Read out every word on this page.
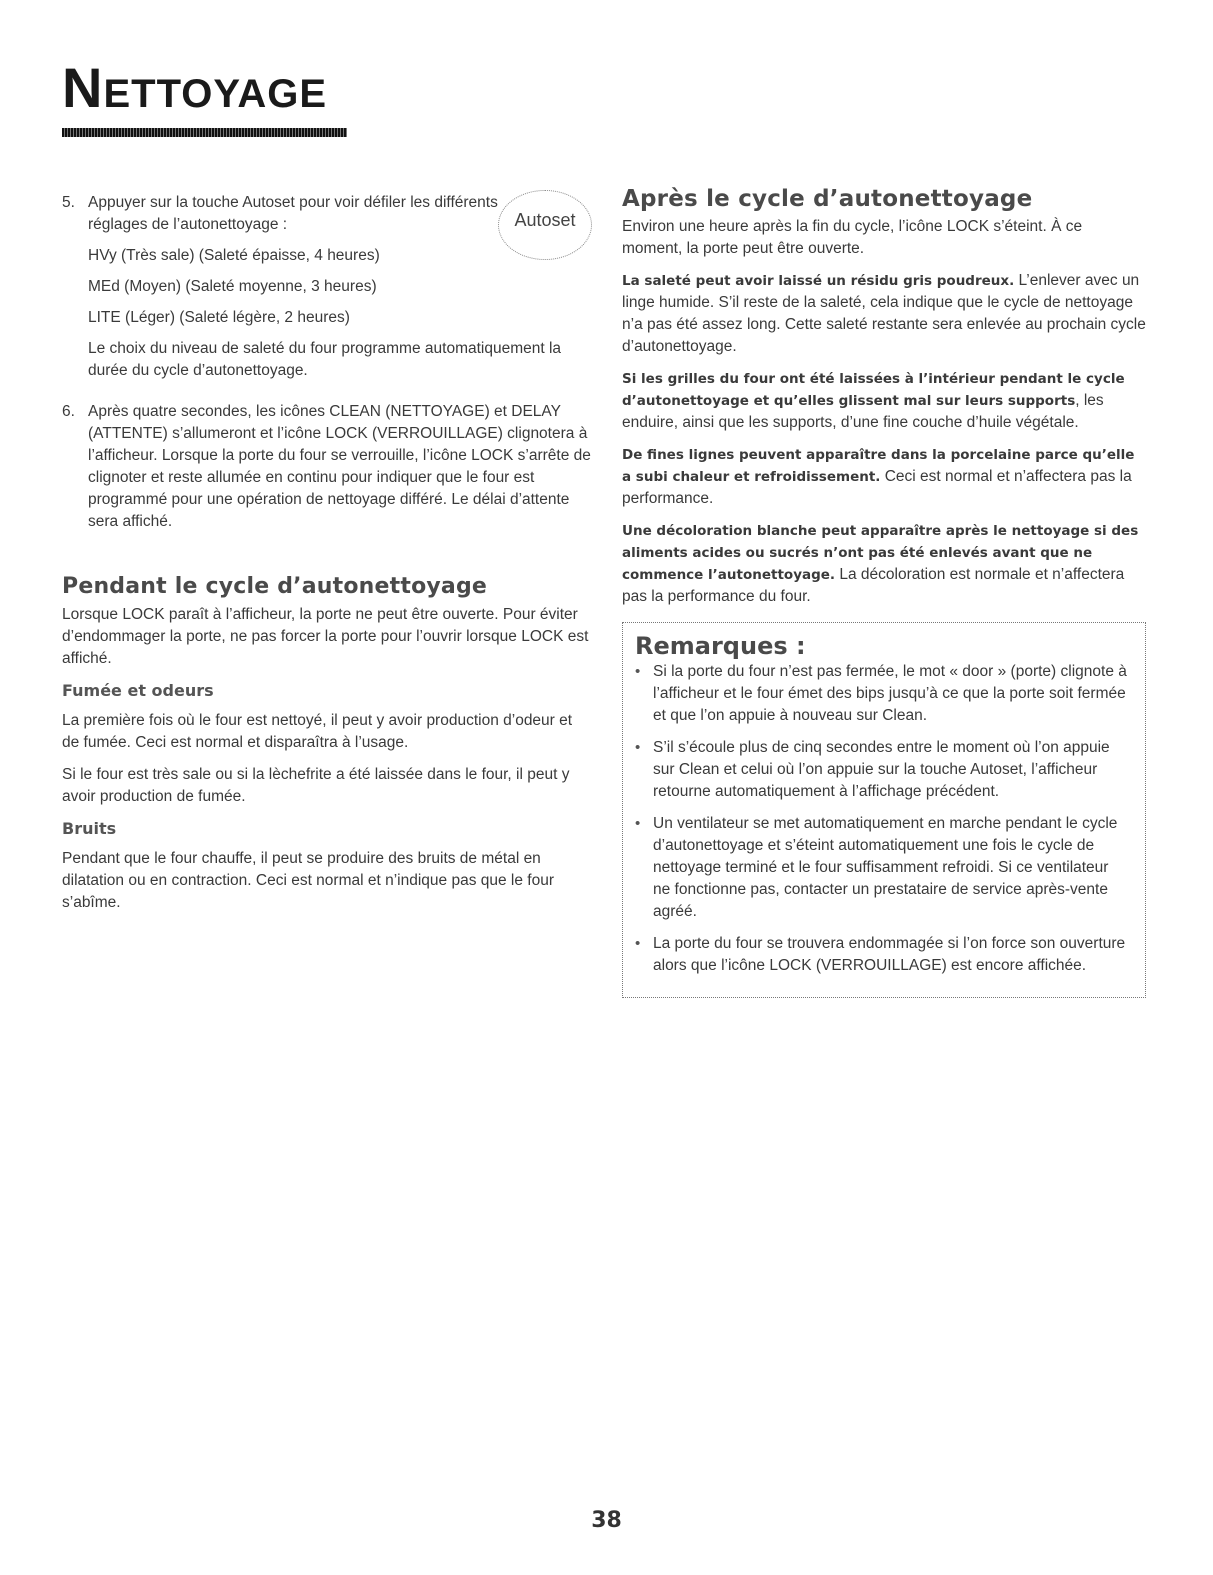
NETTOYAGE
Autoset
5. Appuyer sur la touche Autoset pour voir défiler les différents réglages de l’autonettoyage :

HVy (Très sale) (Saleté épaisse, 4 heures)

MEd (Moyen) (Saleté moyenne, 3 heures)

LITE (Léger) (Saleté légère, 2 heures)

Le choix du niveau de saleté du four programme automatiquement la durée du cycle d’autonettoyage.

6. Après quatre secondes, les icônes CLEAN (NETTOYAGE) et DELAY (ATTENTE) s’allumeront et l’icône LOCK (VERROUILLAGE) clignotera à l’afficheur. Lorsque la porte du four se verrouille, l’icône LOCK s’arrête de clignoter et reste allumée en continu pour indiquer que le four est programmé pour une opération de nettoyage différé. Le délai d’attente sera affiché.

Pendant le cycle d’autonettoyage

Lorsque LOCK paraît à l’afficheur, la porte ne peut être ouverte. Pour éviter d’endommager la porte, ne pas forcer la porte pour l’ouvrir lorsque LOCK est affiché.

Fumée et odeurs

La première fois où le four est nettoyé, il peut y avoir production d’odeur et de fumée. Ceci est normal et disparaîtra à l’usage.

Si le four est très sale ou si la lèchefrite a été laissée dans le four, il peut y avoir production de fumée.

Bruits

Pendant que le four chauffe, il peut se produire des bruits de métal en dilatation ou en contraction. Ceci est normal et n’indique pas que le four s’abîme.

Après le cycle d’autonettoyage

Environ une heure après la fin du cycle, l’icône LOCK s’éteint. À ce moment, la porte peut être ouverte.

La saleté peut avoir laissé un résidu gris poudreux. L’enlever avec un linge humide. S’il reste de la saleté, cela indique que le cycle de nettoyage n’a pas été assez long. Cette saleté restante sera enlevée au prochain cycle d’autonettoyage.

Si les grilles du four ont été laissées à l’intérieur pendant le cycle d’autonettoyage et qu’elles glissent mal sur leurs supports, les enduire, ainsi que les supports, d’une fine couche d’huile végétale.

De fines lignes peuvent apparaître dans la porcelaine parce qu’elle a subi chaleur et refroidissement. Ceci est normal et n’affectera pas la performance.

Une décoloration blanche peut apparaître après le nettoyage si des aliments acides ou sucrés n’ont pas été enlevés avant que ne commence l’autonettoyage. La décoloration est normale et n’affectera pas la performance du four.

Remarques :
• Si la porte du four n’est pas fermée, le mot « door » (porte) clignote à l’afficheur et le four émet des bips jusqu’à ce que la porte soit fermée et que l’on appuie à nouveau sur Clean.
• S’il s’écoule plus de cinq secondes entre le moment où l’on appuie sur Clean et celui où l’on appuie sur la touche Autoset, l’afficheur retourne automatiquement à l’affichage précédent.
• Un ventilateur se met automatiquement en marche pendant le cycle d’autonettoyage et s’éteint automatiquement une fois le cycle de nettoyage terminé et le four suffisamment refroidi. Si ce ventilateur ne fonctionne pas, contacter un prestataire de service après-vente agréé.
• La porte du four se trouvera endommagée si l’on force son ouverture alors que l’icône LOCK (VERROUILLAGE) est encore affichée.
38
